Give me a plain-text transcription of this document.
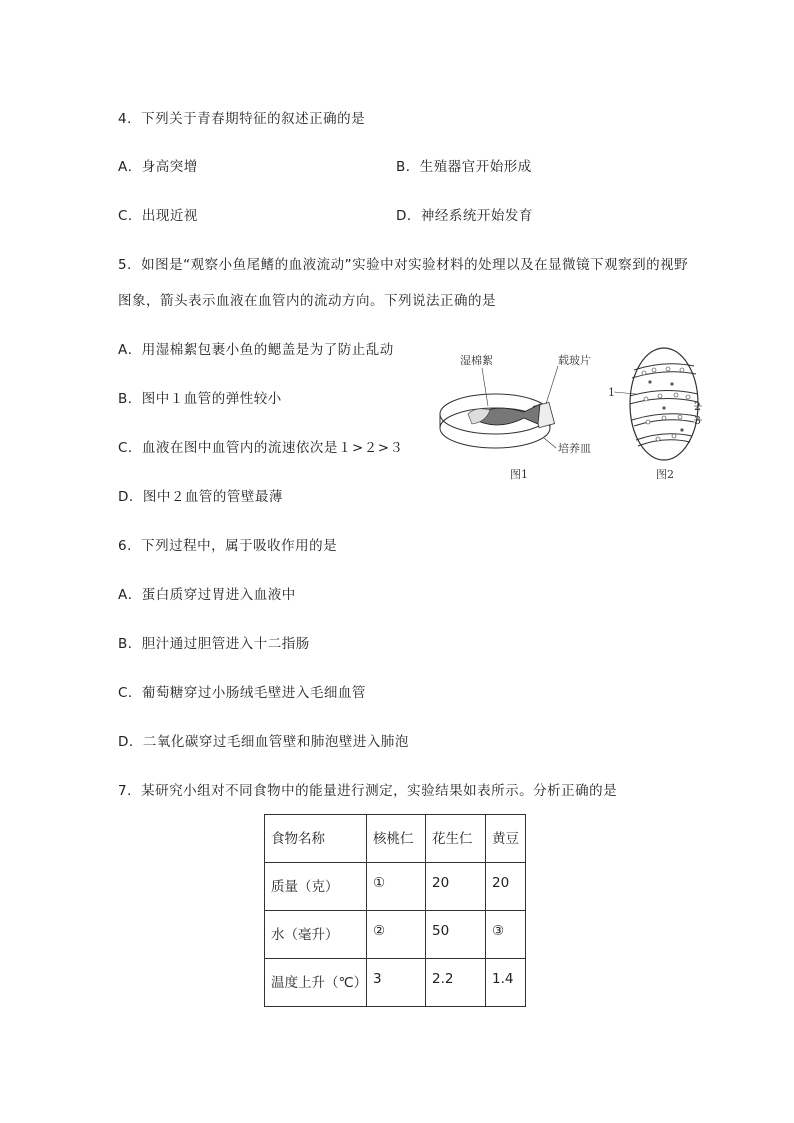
4．下列关于青春期特征的叙述正确的是
A．身高突增	B．生殖器官开始形成
C．出现近视	D．神经系统开始发育
5．如图是“观察小鱼尾鳍的血液流动”实验中对实验材料的处理以及在显微镜下观察到的视野
图象，箭头表示血液在血管内的流动方向。下列说法正确的是
A．用湿棉絮包裹小鱼的鳃盖是为了防止乱动
B．图中１血管的弹性较小
C．血液在图中血管内的流速依次是１>２>３
D．图中２血管的管壁最薄
湿棉絮	载玻片
培养皿
图1
1
2
3
图2
6．下列过程中，属于吸收作用的是
A．蛋白质穿过胃进入血液中
B．胆汁通过胆管进入十二指肠
C．葡萄糖穿过小肠绒毛壁进入毛细血管
D．二氧化碳穿过毛细血管壁和肺泡壁进入肺泡
7．某研究小组对不同食物中的能量进行测定，实验结果如表所示。分析正确的是
食物名称	核桃仁	花生仁	黄豆
质量（克）	①	20	20
水（毫升）	②	50	③
温度上升（℃）	3	2.2	1.4
